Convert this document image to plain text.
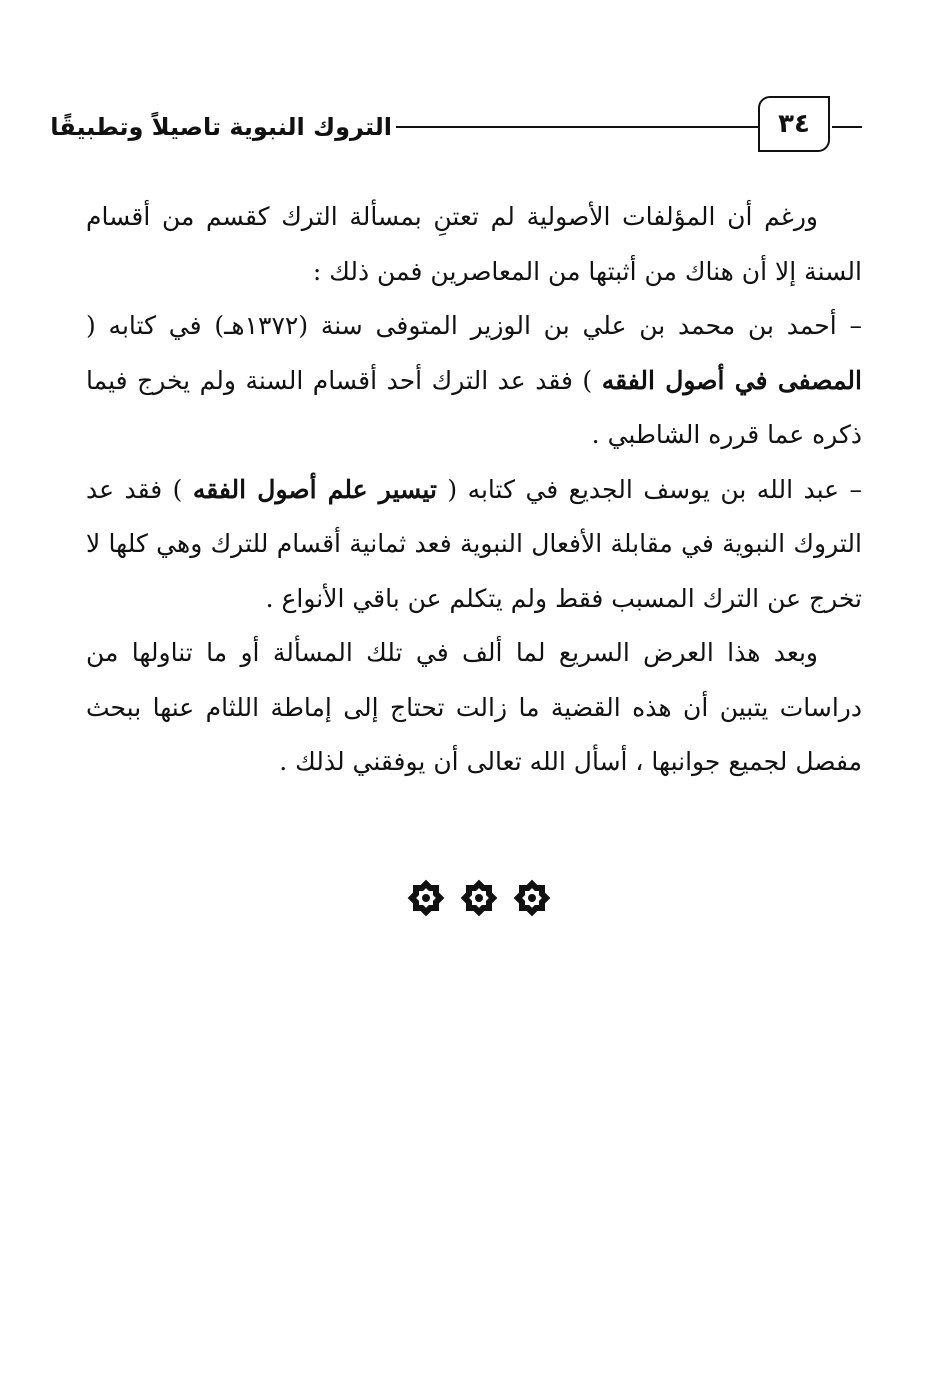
التروك النبوية تاصيلاً وتطبيقًا	٣٤

ورغم أن المؤلفات الأصولية لم تعتنِ بمسألة الترك كقسم من أقسام السنة إلا أن هناك من أثبتها من المعاصرين فمن ذلك :

– أحمد بن محمد بن علي بن الوزير المتوفى سنة (١٣٧٢هـ) في كتابه ( المصفى في أصول الفقه ) فقد عد الترك أحد أقسام السنة ولم يخرج فيما ذكره عما قرره الشاطبي .

– عبد الله بن يوسف الجديع في كتابه ( تيسير علم أصول الفقه ) فقد عد التروك النبوية في مقابلة الأفعال النبوية فعد ثمانية أقسام للترك وهي كلها لا تخرج عن الترك المسبب فقط ولم يتكلم عن باقي الأنواع .

وبعد هذا العرض السريع لما ألف في تلك المسألة أو ما تناولها من دراسات يتبين أن هذه القضية ما زالت تحتاج إلى إماطة اللثام عنها ببحث مفصل لجميع جوانبها ، أسأل الله تعالى أن يوفقني لذلك .
